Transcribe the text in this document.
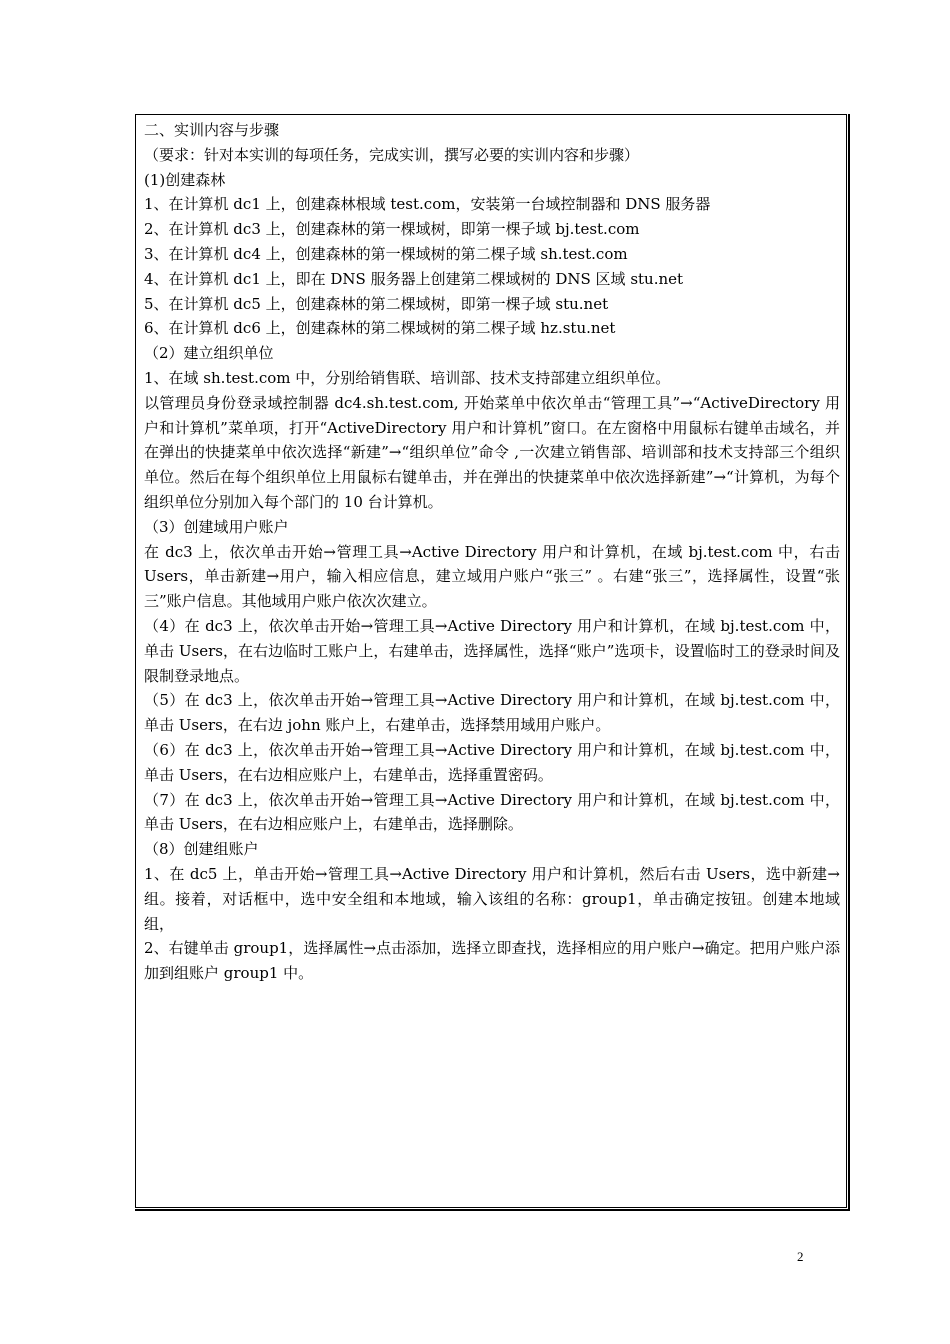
二、实训内容与步骤

（要求：针对本实训的每项任务，完成实训，撰写必要的实训内容和步骤）

(1)创建森林

1、在计算机 dc1 上，创建森林根域 test.com，安装第一台域控制器和 DNS 服务器

2、在计算机 dc3 上，创建森林的第一棵域树，即第一棵子域 bj.test.com

3、在计算机 dc4 上，创建森林的第一棵域树的第二棵子域 sh.test.com

4、在计算机 dc1 上，即在 DNS 服务器上创建第二棵域树的 DNS 区域 stu.net

5、在计算机 dc5 上，创建森林的第二棵域树，即第一棵子域 stu.net

6、在计算机 dc6 上，创建森林的第二棵域树的第二棵子域 hz.stu.net

（2）建立组织单位

1、在域 sh.test.com 中，分别给销售联、培训部、技术支持部建立组织单位。

以管理员身份登录域控制器 dc4.sh.test.com, 开始菜单中依次单击“管理工具”→“ActiveDirectory 用户和计算机”菜单项，打开“ActiveDirectory 用户和计算机”窗口。在左窗格中用鼠标右键单击域名，并在弹出的快捷菜单中依次选择“新建”→“组织单位”命令 ,一次建立销售部、培训部和技术支持部三个组织单位。然后在每个组织单位上用鼠标右键单击，并在弹出的快捷菜单中依次选择新建”→“计算机，为每个组织单位分别加入每个部门的 10 台计算机。

（3）创建域用户账户

在 dc3 上，依次单击开始→管理工具→Active Directory 用户和计算机，在域 bj.test.com 中，右击 Users，单击新建→用户，输入相应信息，建立域用户账户“张三” 。右建“张三”，选择属性，设置“张三”账户信息。其他域用户账户依次次建立。

（4）在 dc3 上，依次单击开始→管理工具→Active Directory 用户和计算机，在域 bj.test.com 中，单击 Users，在右边临时工账户上，右建单击，选择属性，选择“账户”选项卡，设置临时工的登录时间及限制登录地点。

（5）在 dc3 上，依次单击开始→管理工具→Active Directory 用户和计算机，在域 bj.test.com 中，单击 Users，在右边 john 账户上，右建单击，选择禁用域用户账户。

（6）在 dc3 上，依次单击开始→管理工具→Active Directory 用户和计算机，在域 bj.test.com 中，单击 Users，在右边相应账户上，右建单击，选择重置密码。

（7）在 dc3 上，依次单击开始→管理工具→Active Directory 用户和计算机，在域 bj.test.com 中，单击 Users，在右边相应账户上，右建单击，选择删除。

（8）创建组账户

1、在 dc5 上，单击开始→管理工具→Active Directory 用户和计算机，然后右击 Users，选中新建→组。接着，对话框中，选中安全组和本地域，输入该组的名称：group1，单击确定按钮。创建本地域组，

2、右键单击 group1，选择属性→点击添加，选择立即查找，选择相应的用户账户→确定。把用户账户添加到组账户 group1 中。

2
